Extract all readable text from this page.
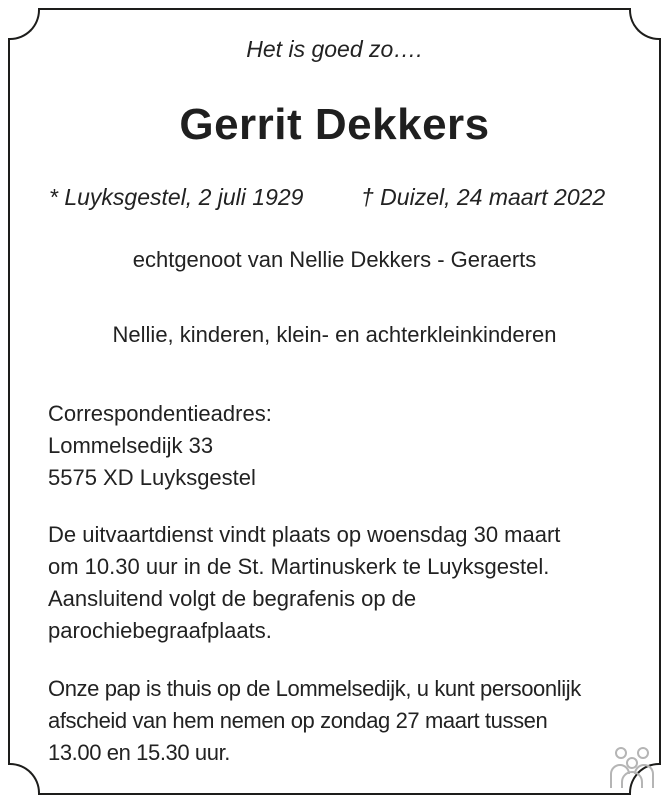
Het is goed zo….
Gerrit Dekkers
* Luyksgestel, 2 juli 1929	† Duizel, 24 maart 2022
echtgenoot van Nellie Dekkers - Geraerts
Nellie, kinderen, klein- en achterkleinkinderen
Correspondentieadres:
Lommelsedijk 33
5575 XD Luyksgestel
De uitvaartdienst vindt plaats op woensdag 30 maart
om 10.30 uur in de St. Martinuskerk te Luyksgestel.
Aansluitend volgt de begrafenis op de
parochiebegraafplaats.
Onze pap is thuis op de Lommelsedijk, u kunt persoonlijk
afscheid van hem nemen op zondag 27 maart tussen
13.00 en 15.30 uur.
